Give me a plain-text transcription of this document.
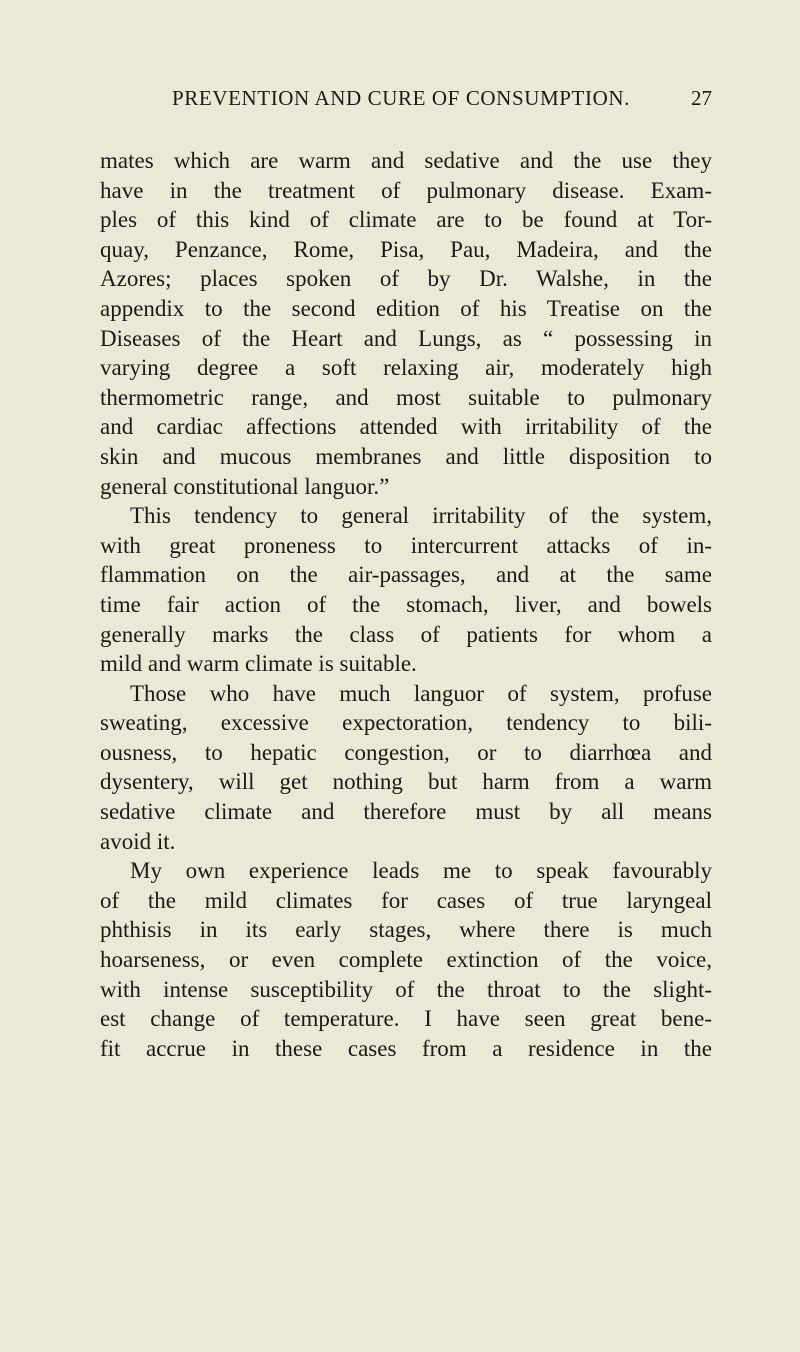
PREVENTION AND CURE OF CONSUMPTION.	27
mates which are warm and sedative and the use they
have in the treatment of pulmonary disease. Exam-
ples of this kind of climate are to be found at Tor-
quay, Penzance, Rome, Pisa, Pau, Madeira, and the
Azores; places spoken of by Dr. Walshe, in the
appendix to the second edition of his Treatise on the
Diseases of the Heart and Lungs, as “ possessing in
varying degree a soft relaxing air, moderately high
thermometric range, and most suitable to pulmonary
and cardiac affections attended with irritability of the
skin and mucous membranes and little disposition to
general constitutional languor.”
This tendency to general irritability of the system,
with great proneness to intercurrent attacks of in-
flammation on the air-passages, and at the same
time fair action of the stomach, liver, and bowels
generally marks the class of patients for whom a
mild and warm climate is suitable.
Those who have much languor of system, profuse
sweating, excessive expectoration, tendency to bili-
ousness, to hepatic congestion, or to diarrhœa and
dysentery, will get nothing but harm from a warm
sedative climate and therefore must by all means
avoid it.
My own experience leads me to speak favourably
of the mild climates for cases of true laryngeal
phthisis in its early stages, where there is much
hoarseness, or even complete extinction of the voice,
with intense susceptibility of the throat to the slight-
est change of temperature. I have seen great bene-
fit accrue in these cases from a residence in the
